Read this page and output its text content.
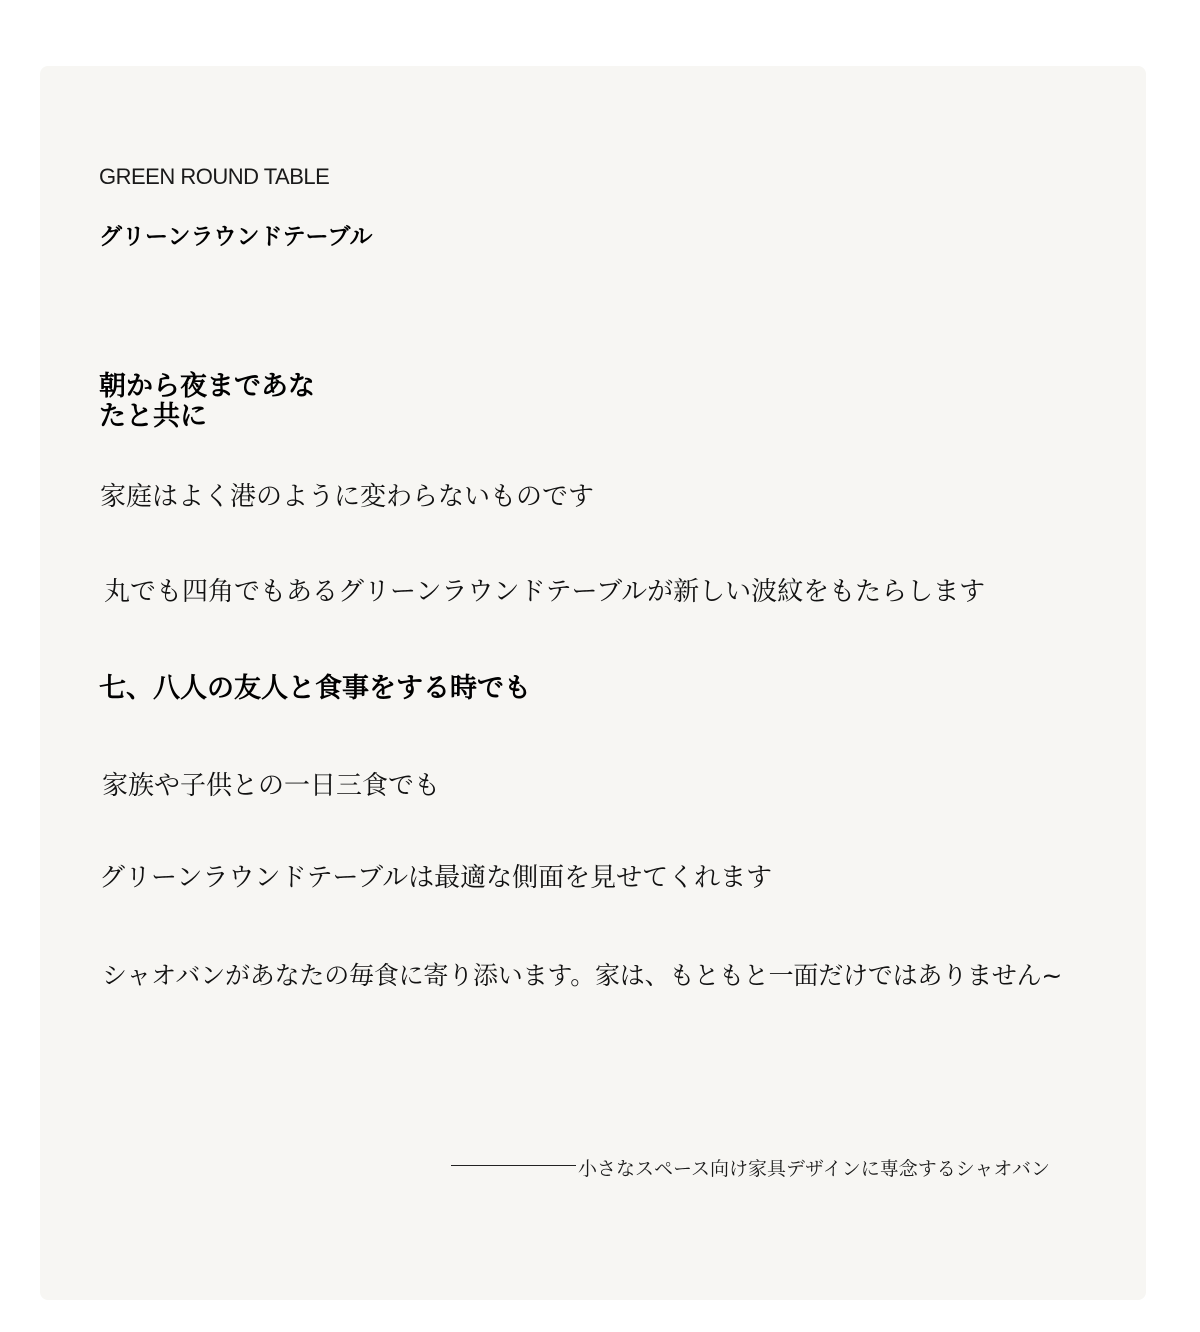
GREEN ROUND TABLE
グリーンラウンドテーブル
朝から夜まであなたと共に
家庭はよく港のように変わらないものです
丸でも四角でもあるグリーンラウンドテーブルが新しい波紋をもたらします
七、八人の友人と食事をする時でも
家族や子供との一日三食でも
グリーンラウンドテーブルは最適な側面を見せてくれます
シャオバンがあなたの毎食に寄り添います。家は、もともと一面だけではありません~
小さなスペース向け家具デザインに専念するシャオバン
